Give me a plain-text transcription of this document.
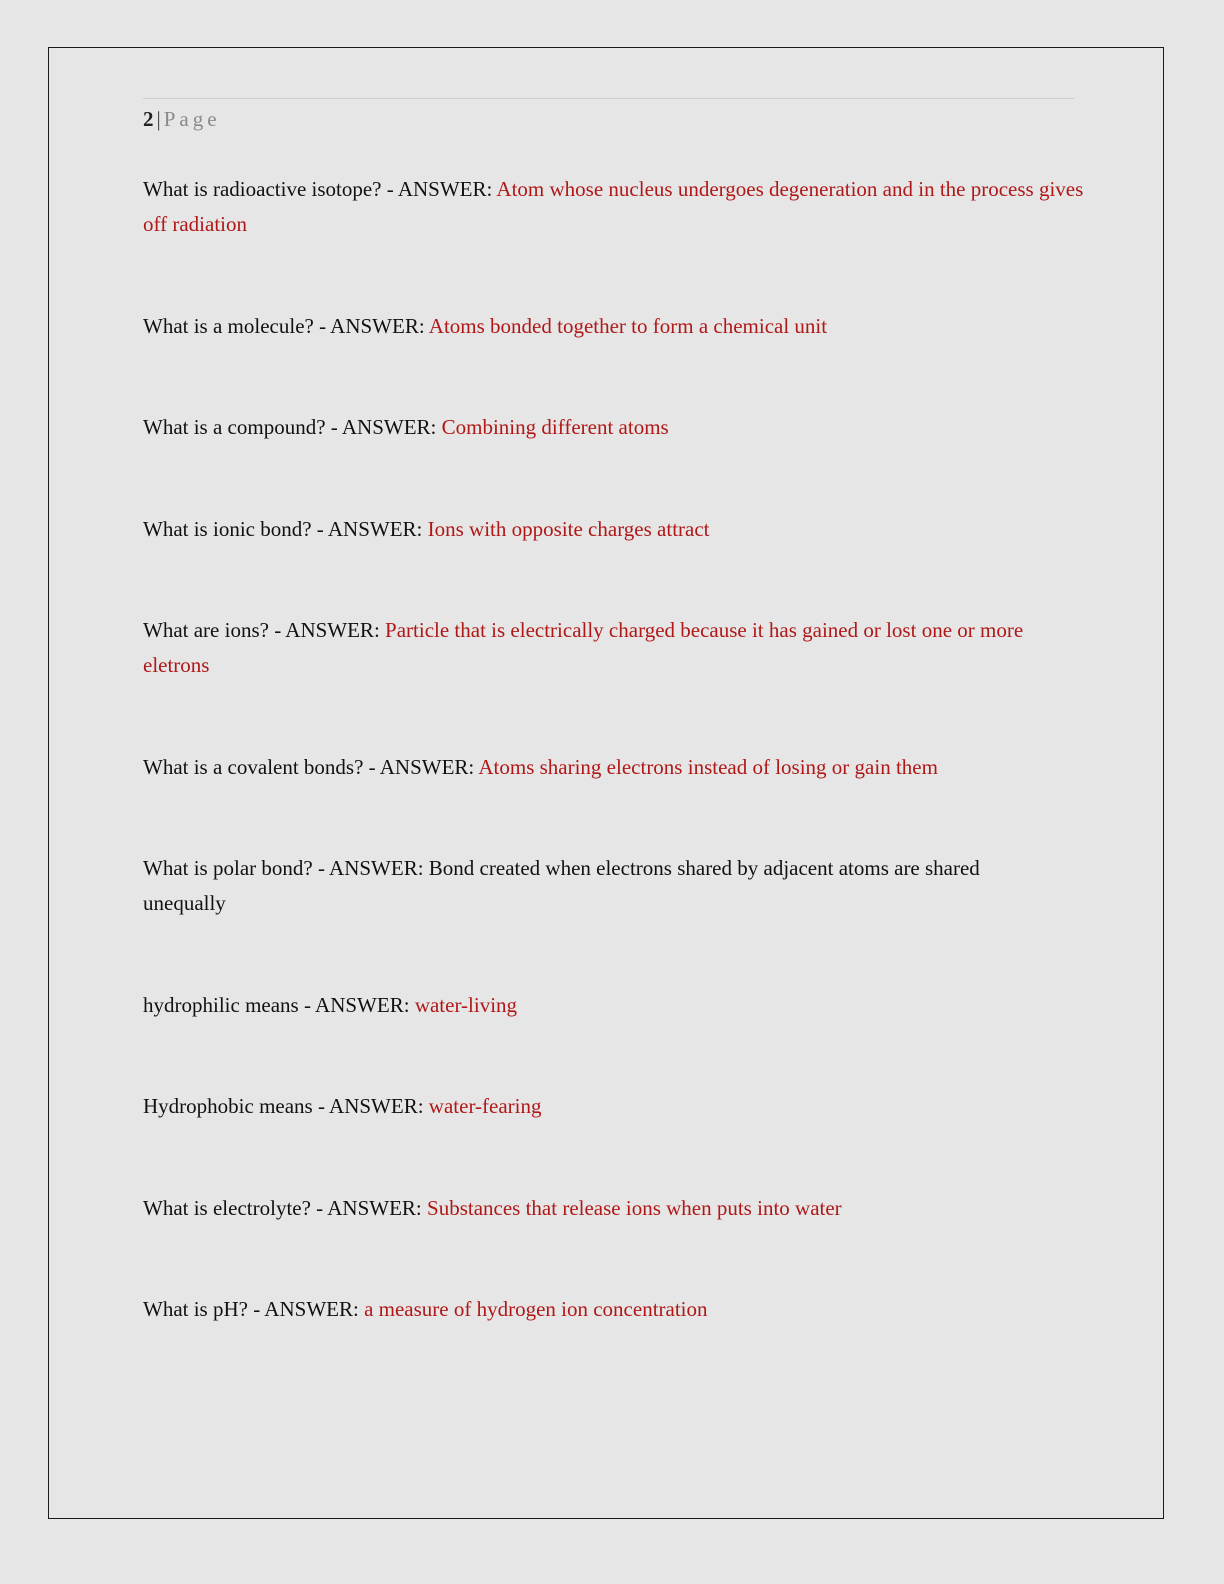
2 | Page
What is radioactive isotope? - ANSWER: Atom whose nucleus undergoes degeneration and in the process gives off radiation
What is a molecule? - ANSWER: Atoms bonded together to form a chemical unit
What is a compound? - ANSWER: Combining different atoms
What is ionic bond? - ANSWER: Ions with opposite charges attract
What are ions? - ANSWER: Particle that is electrically charged because it has gained or lost one or more eletrons
What is a covalent bonds? - ANSWER: Atoms sharing electrons instead of losing or gain them
What is polar bond? - ANSWER: Bond created when electrons shared by adjacent atoms are shared unequally
hydrophilic means - ANSWER: water-living
Hydrophobic means - ANSWER: water-fearing
What is electrolyte? - ANSWER: Substances that release ions when puts into water
What is pH? - ANSWER: a measure of hydrogen ion concentration
